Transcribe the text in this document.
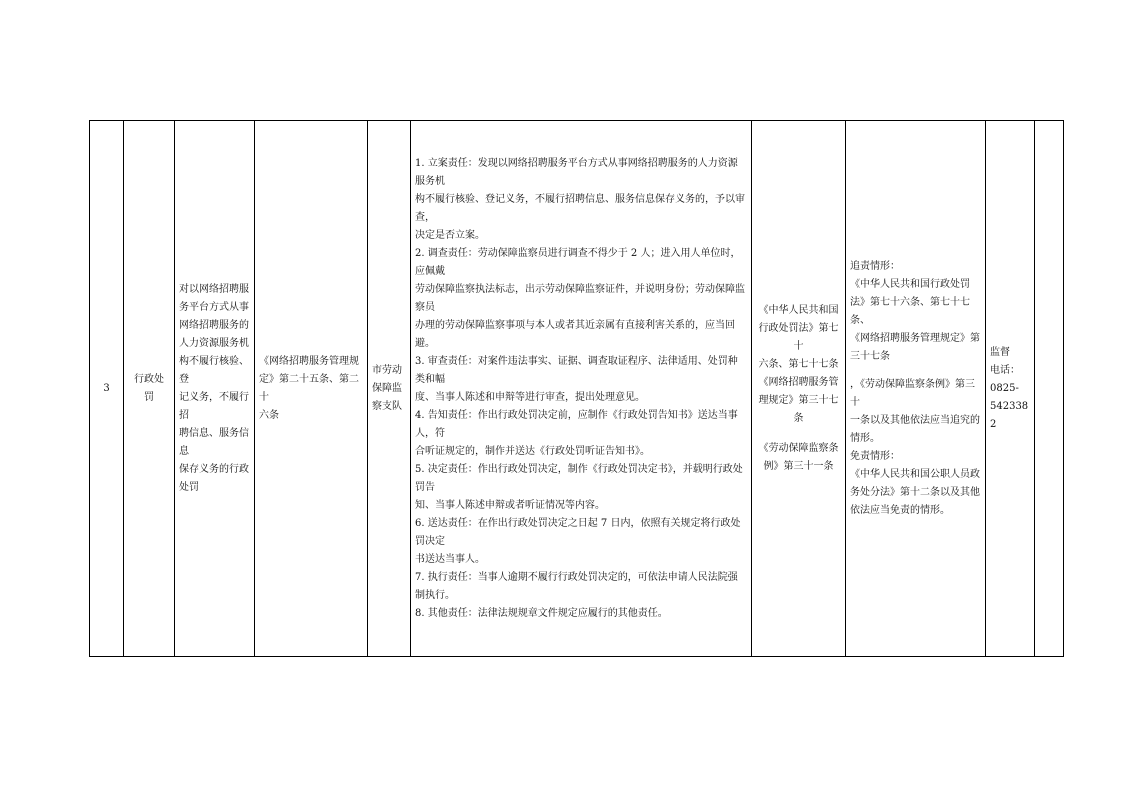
3	
行政处
罚

对以网络招聘服
务平台方式从事
网络招聘服务的
人力资源服务机
构不履行核验、登
记义务，不履行招
聘信息、服务信息
保存义务的行政
处罚

《网络招聘服务管理规
定》第二十五条、第二十
六条

市劳动
保障监
察支队

1. 立案责任：发现以网络招聘服务平台方式从事网络招聘服务的人力资源服务机
构不履行核验、登记义务，不履行招聘信息、服务信息保存义务的，予以审查，
决定是否立案。
2. 调查责任：劳动保障监察员进行调查不得少于 2 人；进入用人单位时，应佩戴
劳动保障监察执法标志，出示劳动保障监察证件，并说明身份；劳动保障监察员
办理的劳动保障监察事项与本人或者其近亲属有直接利害关系的，应当回避。
3. 审查责任：对案件违法事实、证据、调查取证程序、法律适用、处罚种类和幅
度、当事人陈述和申辩等进行审查，提出处理意见。
4. 告知责任：作出行政处罚决定前，应制作《行政处罚告知书》送达当事人，符
合听证规定的，制作并送达《行政处罚听证告知书》。
5. 决定责任：作出行政处罚决定，制作《行政处罚决定书》，并载明行政处罚告
知、当事人陈述申辩或者听证情况等内容。
6. 送达责任：在作出行政处罚决定之日起 7 日内，依照有关规定将行政处罚决定
书送达当事人。
7. 执行责任：当事人逾期不履行行政处罚决定的，可依法申请人民法院强制执行。
8. 其他责任：法律法规规章文件规定应履行的其他责任。

《中华人民共和国
行政处罚法》第七十
六条、第七十七条
《网络招聘服务管
理规定》第三十七条
《劳动保障监察条
例》第三十一条

追责情形：
《中华人民共和国行政处罚
法》第七十六条、第七十七条、
《网络招聘服务管理规定》第
三十七条
，《劳动保障监察条例》第三十
一条以及其他依法应当追究的
情形。
免责情形：
《中华人民共和国公职人员政
务处分法》第十二条以及其他
依法应当免责的情形。

监督
电话：
0825-
5423382
